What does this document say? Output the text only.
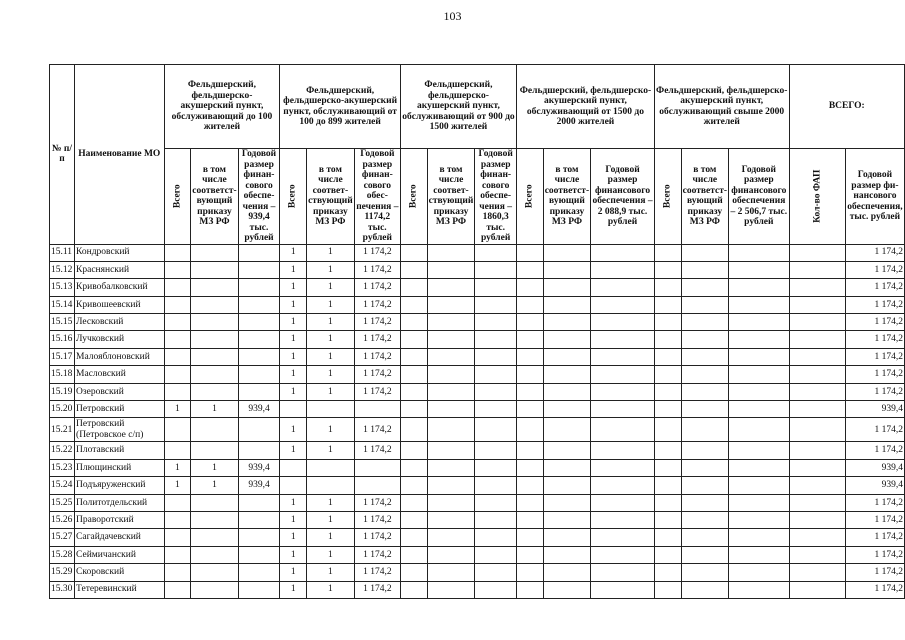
103
№ п/п	Наименование МО	Фельдшерский, фельдшерско-акушерский пункт, обслуживающий до 100 жителей			Фельдшерский, фельдшерско-акушерский пункт, обслуживающий от 100 до 899 жителей			Фельдшерский, фельдшерско-акушерский пункт, обслуживающий от 900 до 1500 жителей			Фельдшерский, фельдшерско-акушерский пункт, обслуживающий от 1500 до 2000 жителей			Фельдшерский, фельдшерско-акушерский пункт, обслуживающий свыше 2000 жителей			ВСЕГО:	

		Всего	в том числе соответст-вующий приказу МЗ РФ	Годовой размер финан-сового обеспе-чения – 939,4 тыс. рублей	Всего	в том числе соответ-ствующий приказу МЗ РФ	Годовой размер финан-сового обес-печения – 1174,2 тыс. рублей	Всего	в том числе соответ-ствующий приказу МЗ РФ	Годовой размер финан-сового обеспе-чения – 1860,3 тыс. рублей	Всего	в том числе соответст-вующий приказу МЗ РФ	Годовой размер финансового обеспечения – 2 088,9 тыс. рублей	Всего	в том числе соответст-вующий приказу МЗ РФ	Годовой размер финансового обеспечения – 2 506,7 тыс. рублей	Кол-во ФАП	Годовой размер фи-нансового обеспечения, тыс. рублей
15.11	Кондровский				1	1	1 174,2											1 174,2
15.12	Краснянский				1	1	1 174,2											1 174,2
15.13	Кривобалковский				1	1	1 174,2											1 174,2
15.14	Кривошеевский				1	1	1 174,2											1 174,2
15.15	Лесковский				1	1	1 174,2											1 174,2
15.16	Лучковский				1	1	1 174,2											1 174,2
15.17	Малояблоновский				1	1	1 174,2											1 174,2
15.18	Масловский				1	1	1 174,2											1 174,2
15.19	Озеровский				1	1	1 174,2											1 174,2
15.20	Петровский	1	1	939,4														939,4
15.21	Петровский (Петровское с/п)				1	1	1 174,2											1 174,2
15.22	Плотавский				1	1	1 174,2											1 174,2
15.23	Плющинский	1	1	939,4														939,4
15.24	Подъяруженский	1	1	939,4														939,4
15.25	Политотдельский				1	1	1 174,2											1 174,2
15.26	Праворотский				1	1	1 174,2											1 174,2
15.27	Сагайдачевский				1	1	1 174,2											1 174,2
15.28	Сеймичанский				1	1	1 174,2											1 174,2
15.29	Скоровский				1	1	1 174,2											1 174,2
15.30	Тетеревинский				1	1	1 174,2											1 174,2
